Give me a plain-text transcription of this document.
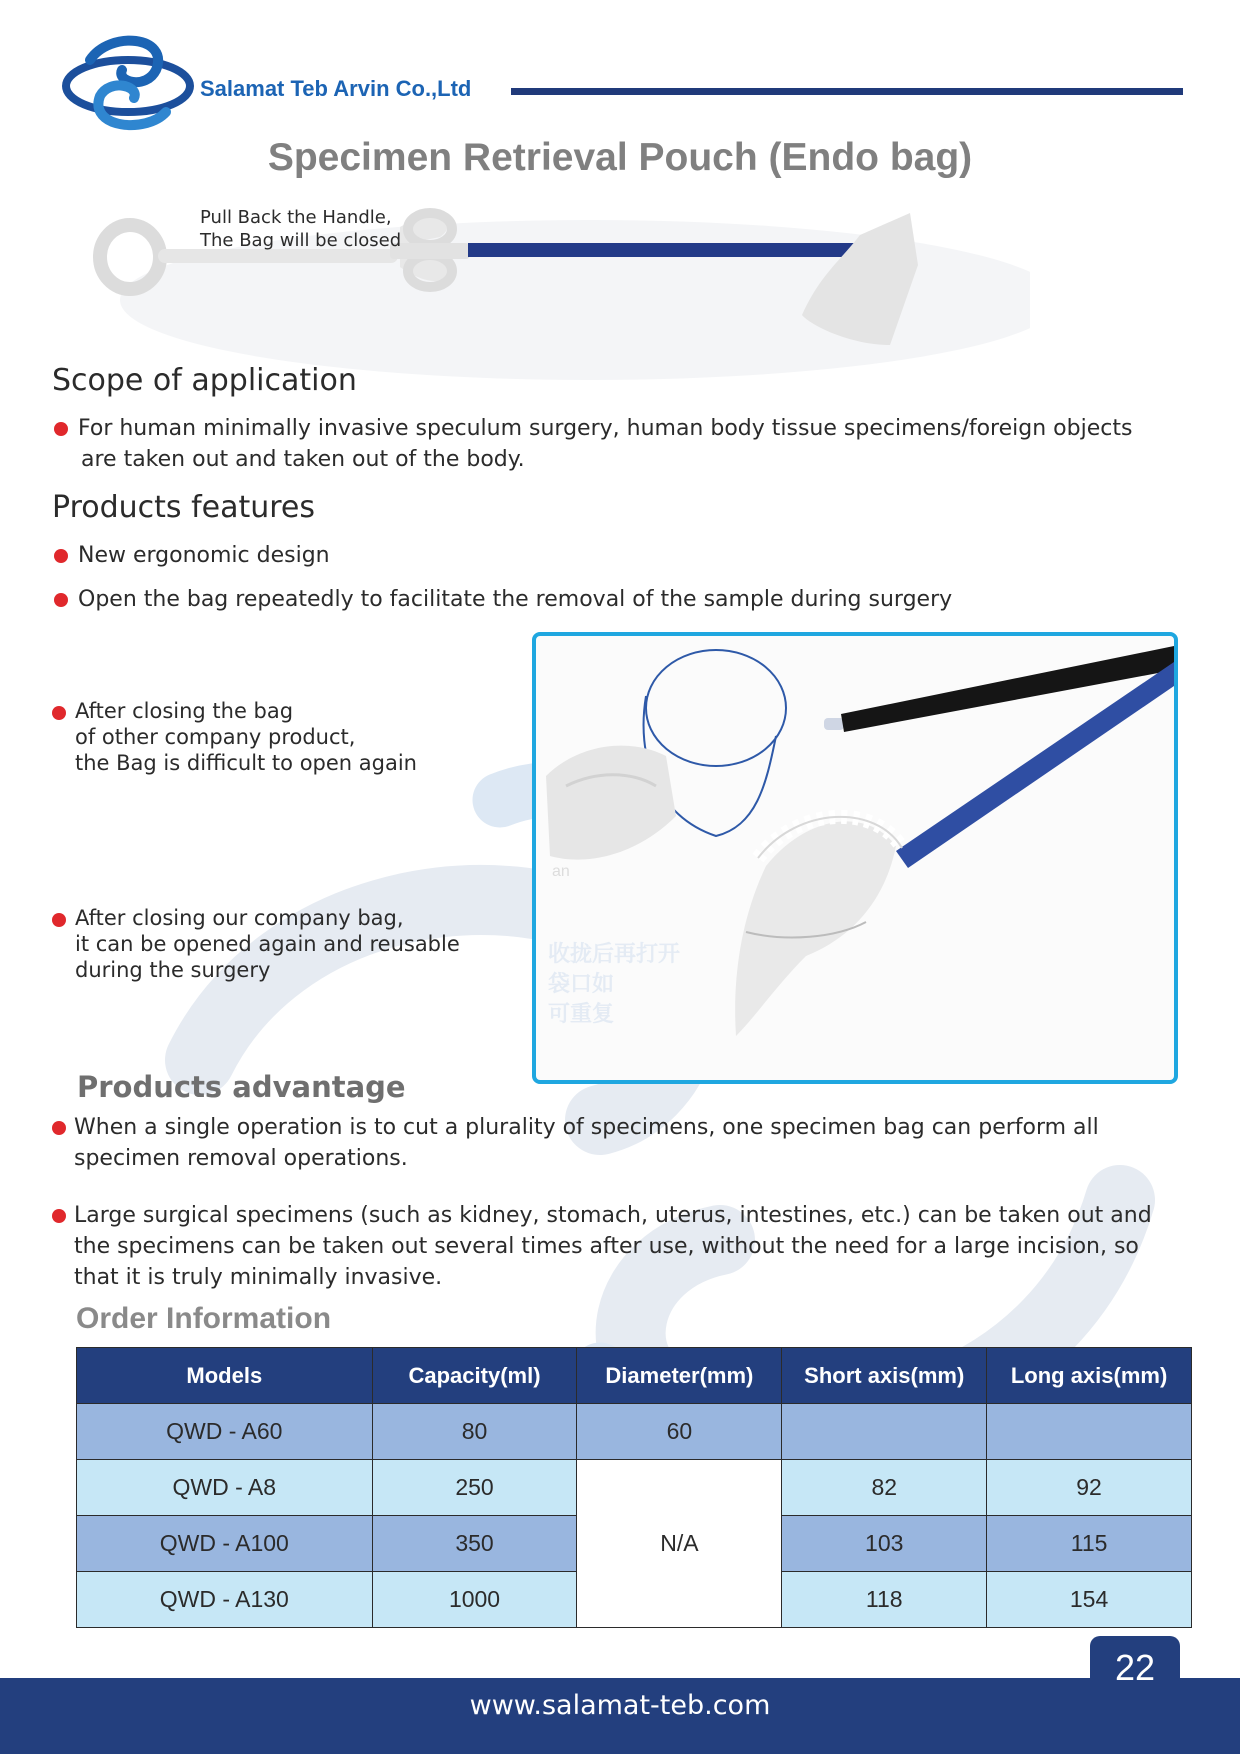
Salamat Teb Arvin Co.,Ltd
Specimen Retrieval Pouch (Endo bag)
Pull Back the Handle,
The Bag will be closed
Scope of application
For human minimally invasive speculum surgery, human body tissue specimens/foreign objects
are taken out and taken out of the body.
Products features
New ergonomic design
Open the bag repeatedly to facilitate the removal of the sample during surgery
After closing the bag
of other company product,
the Bag is difficult to open again
After closing our company bag,
it can be opened again and reusable
during the surgery
an
收拢后再打开
袋口如
可重复
Products advantage
When a single operation is to cut a plurality of specimens, one specimen bag can perform all
specimen removal operations.
Large surgical specimens (such as kidney, stomach, uterus, intestines, etc.) can be taken out and
the specimens can be taken out several times after use, without the need for a large incision, so
that it is truly minimally invasive.
Order Information
Models	Capacity(ml)	Diameter(mm)	Short axis(mm)	Long axis(mm)
QWD - A60	80	60		
QWD - A8	250	N/A	82	92
QWD - A100	350		103	115
QWD - A130	1000		118	154
22
www.salamat-teb.com
